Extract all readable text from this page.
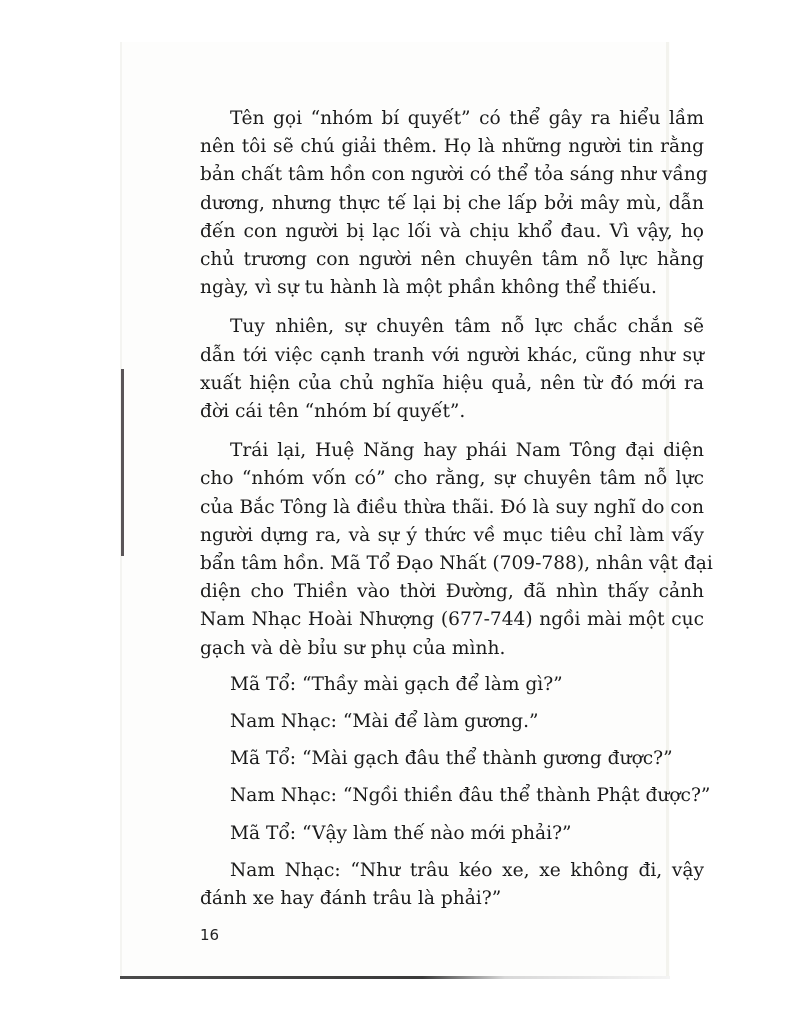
Tên gọi “nhóm bí quyết” có thể gây ra hiểu lầm
nên tôi sẽ chú giải thêm. Họ là những người tin rằng
bản chất tâm hồn con người có thể tỏa sáng như vầng
dương, nhưng thực tế lại bị che lấp bởi mây mù, dẫn
đến con người bị lạc lối và chịu khổ đau. Vì vậy, họ
chủ trương con người nên chuyên tâm nỗ lực hằng
ngày, vì sự tu hành là một phần không thể thiếu.

Tuy nhiên, sự chuyên tâm nỗ lực chắc chắn sẽ
dẫn tới việc cạnh tranh với người khác, cũng như sự
xuất hiện của chủ nghĩa hiệu quả, nên từ đó mới ra
đời cái tên “nhóm bí quyết”.

Trái lại, Huệ Năng hay phái Nam Tông đại diện
cho “nhóm vốn có” cho rằng, sự chuyên tâm nỗ lực
của Bắc Tông là điều thừa thãi. Đó là suy nghĩ do con
người dựng ra, và sự ý thức về mục tiêu chỉ làm vấy
bẩn tâm hồn. Mã Tổ Đạo Nhất (709-788), nhân vật đại
diện cho Thiền vào thời Đường, đã nhìn thấy cảnh
Nam Nhạc Hoài Nhượng (677-744) ngồi mài một cục
gạch và dè bỉu sư phụ của mình.

Mã Tổ: “Thầy mài gạch để làm gì?”

Nam Nhạc: “Mài để làm gương.”

Mã Tổ: “Mài gạch đâu thể thành gương được?”

Nam Nhạc: “Ngồi thiền đâu thể thành Phật được?”

Mã Tổ: “Vậy làm thế nào mới phải?”

Nam Nhạc: “Như trâu kéo xe, xe không đi, vậy
đánh xe hay đánh trâu là phải?”

16
